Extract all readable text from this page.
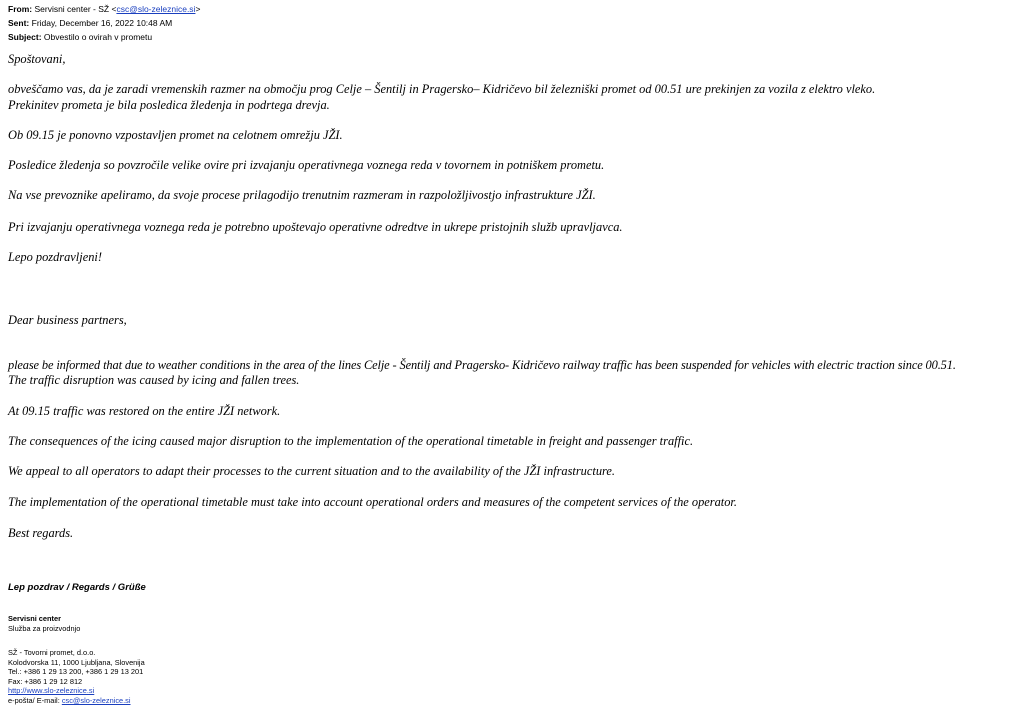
From: Servisni center - SŽ <csc@slo-zeleznice.si>
Sent: Friday, December 16, 2022 10:48 AM
Subject: Obvestilo o ovirah v prometu

Spoštovani,

obveščamo vas, da je zaradi vremenskih razmer na območju prog Celje – Šentilj in Pragersko– Kidričevo bil železniški promet od 00.51 ure prekinjen za vozila z elektro vleko.

Prekinitev prometa je bila posledica žledenja in podrtega drevja.

Ob 09.15 je ponovno vzpostavljen promet na celotnem omrežju JŽI.

Posledice žledenja so povzročile velike ovire pri izvajanju operativnega voznega reda v tovornem in potniškem prometu.

Na vse prevoznike apeliramo, da svoje procese prilagodijo trenutnim razmeram in razpoložljivostjo infrastrukture JŽI.

Pri izvajanju operativnega voznega reda je potrebno upoštevajo operativne odredtve in ukrepe pristojnih služb upravljavca.

Lepo pozdravljeni!

Dear business partners,

please be informed that due to weather conditions in the area of the lines Celje - Šentilj and Pragersko- Kidričevo railway traffic has been suspended for vehicles with electric traction since 00.51.

The traffic disruption was caused by icing and fallen trees.

At 09.15 traffic was restored on the entire JŽI network.

The consequences of the icing caused major disruption to the implementation of the operational timetable in freight and passenger traffic.

We appeal to all operators to adapt their processes to the current situation and to the availability of the JŽI infrastructure.

The implementation of the operational timetable must take into account operational orders and measures of the competent services of the operator.

Best regards.

Lep pozdrav / Regards / Grüße
Servisni center
Služba za proizvodnjo
SŽ - Tovorni promet, d.o.o.
Kolodvorska 11, 1000 Ljubljana, Slovenija
Tel.: +386 1 29 13 200, +386 1 29 13 201
Fax: +386 1 29 12 812
http://www.slo-zeleznice.si
e-pošta/ E-mail: csc@slo-zeleznice.si
